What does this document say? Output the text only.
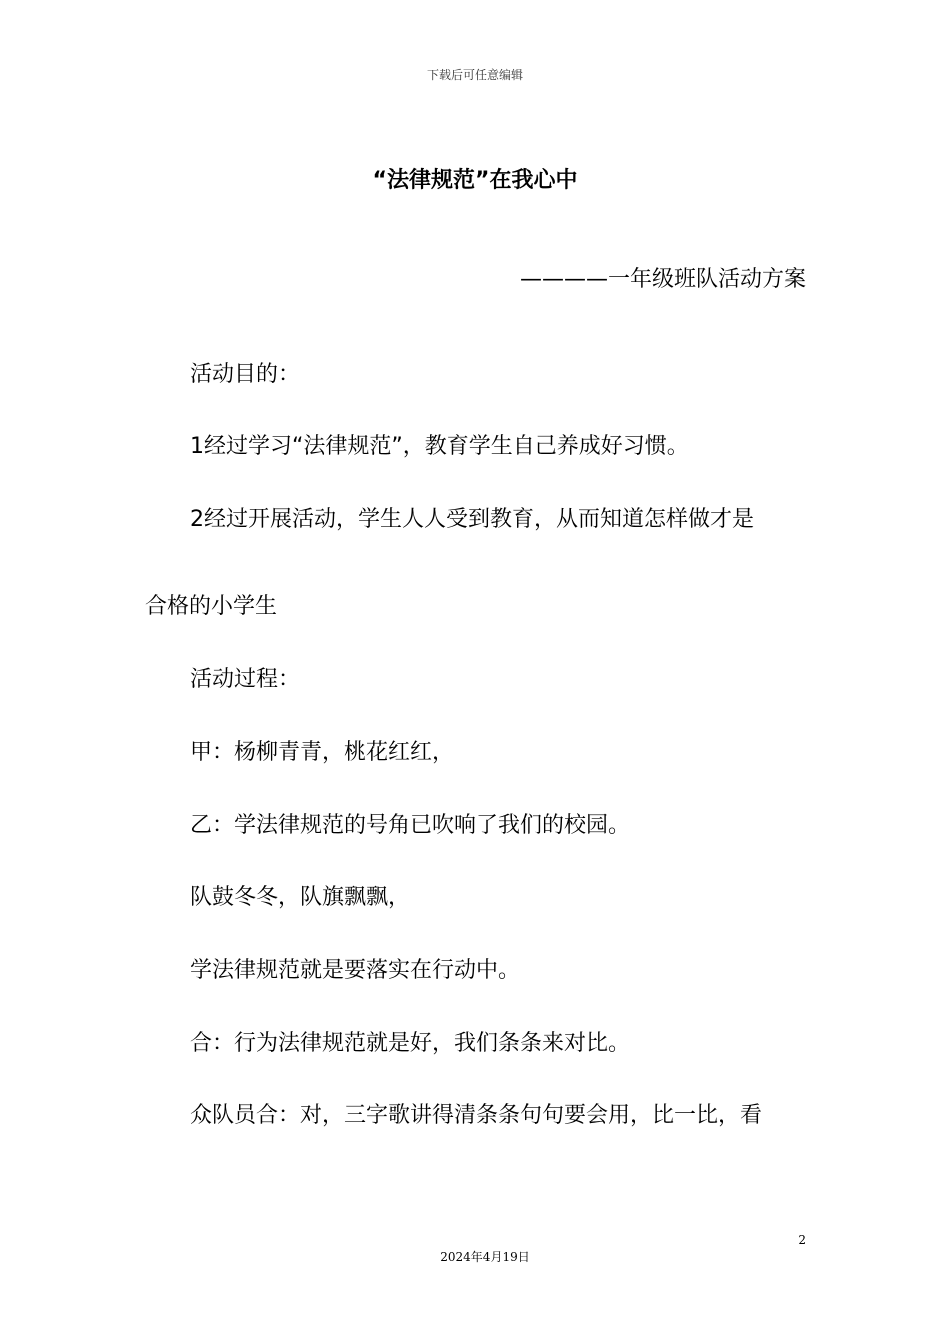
下载后可任意编辑
“法律规范”在我心中
————一年级班队活动方案
活动目的：
1经过学习“法律规范”，教育学生自己养成好习惯。
2经过开展活动，学生人人受到教育，从而知道怎样做才是
合格的小学生
活动过程：
甲：杨柳青青，桃花红红，
乙：学法律规范的号角已吹响了我们的校园。
队鼓冬冬，队旗飘飘，
学法律规范就是要落实在行动中。
合：行为法律规范就是好，我们条条来对比。
众队员合：对，三字歌讲得清条条句句要会用，比一比，看
2
2024年4月19日
